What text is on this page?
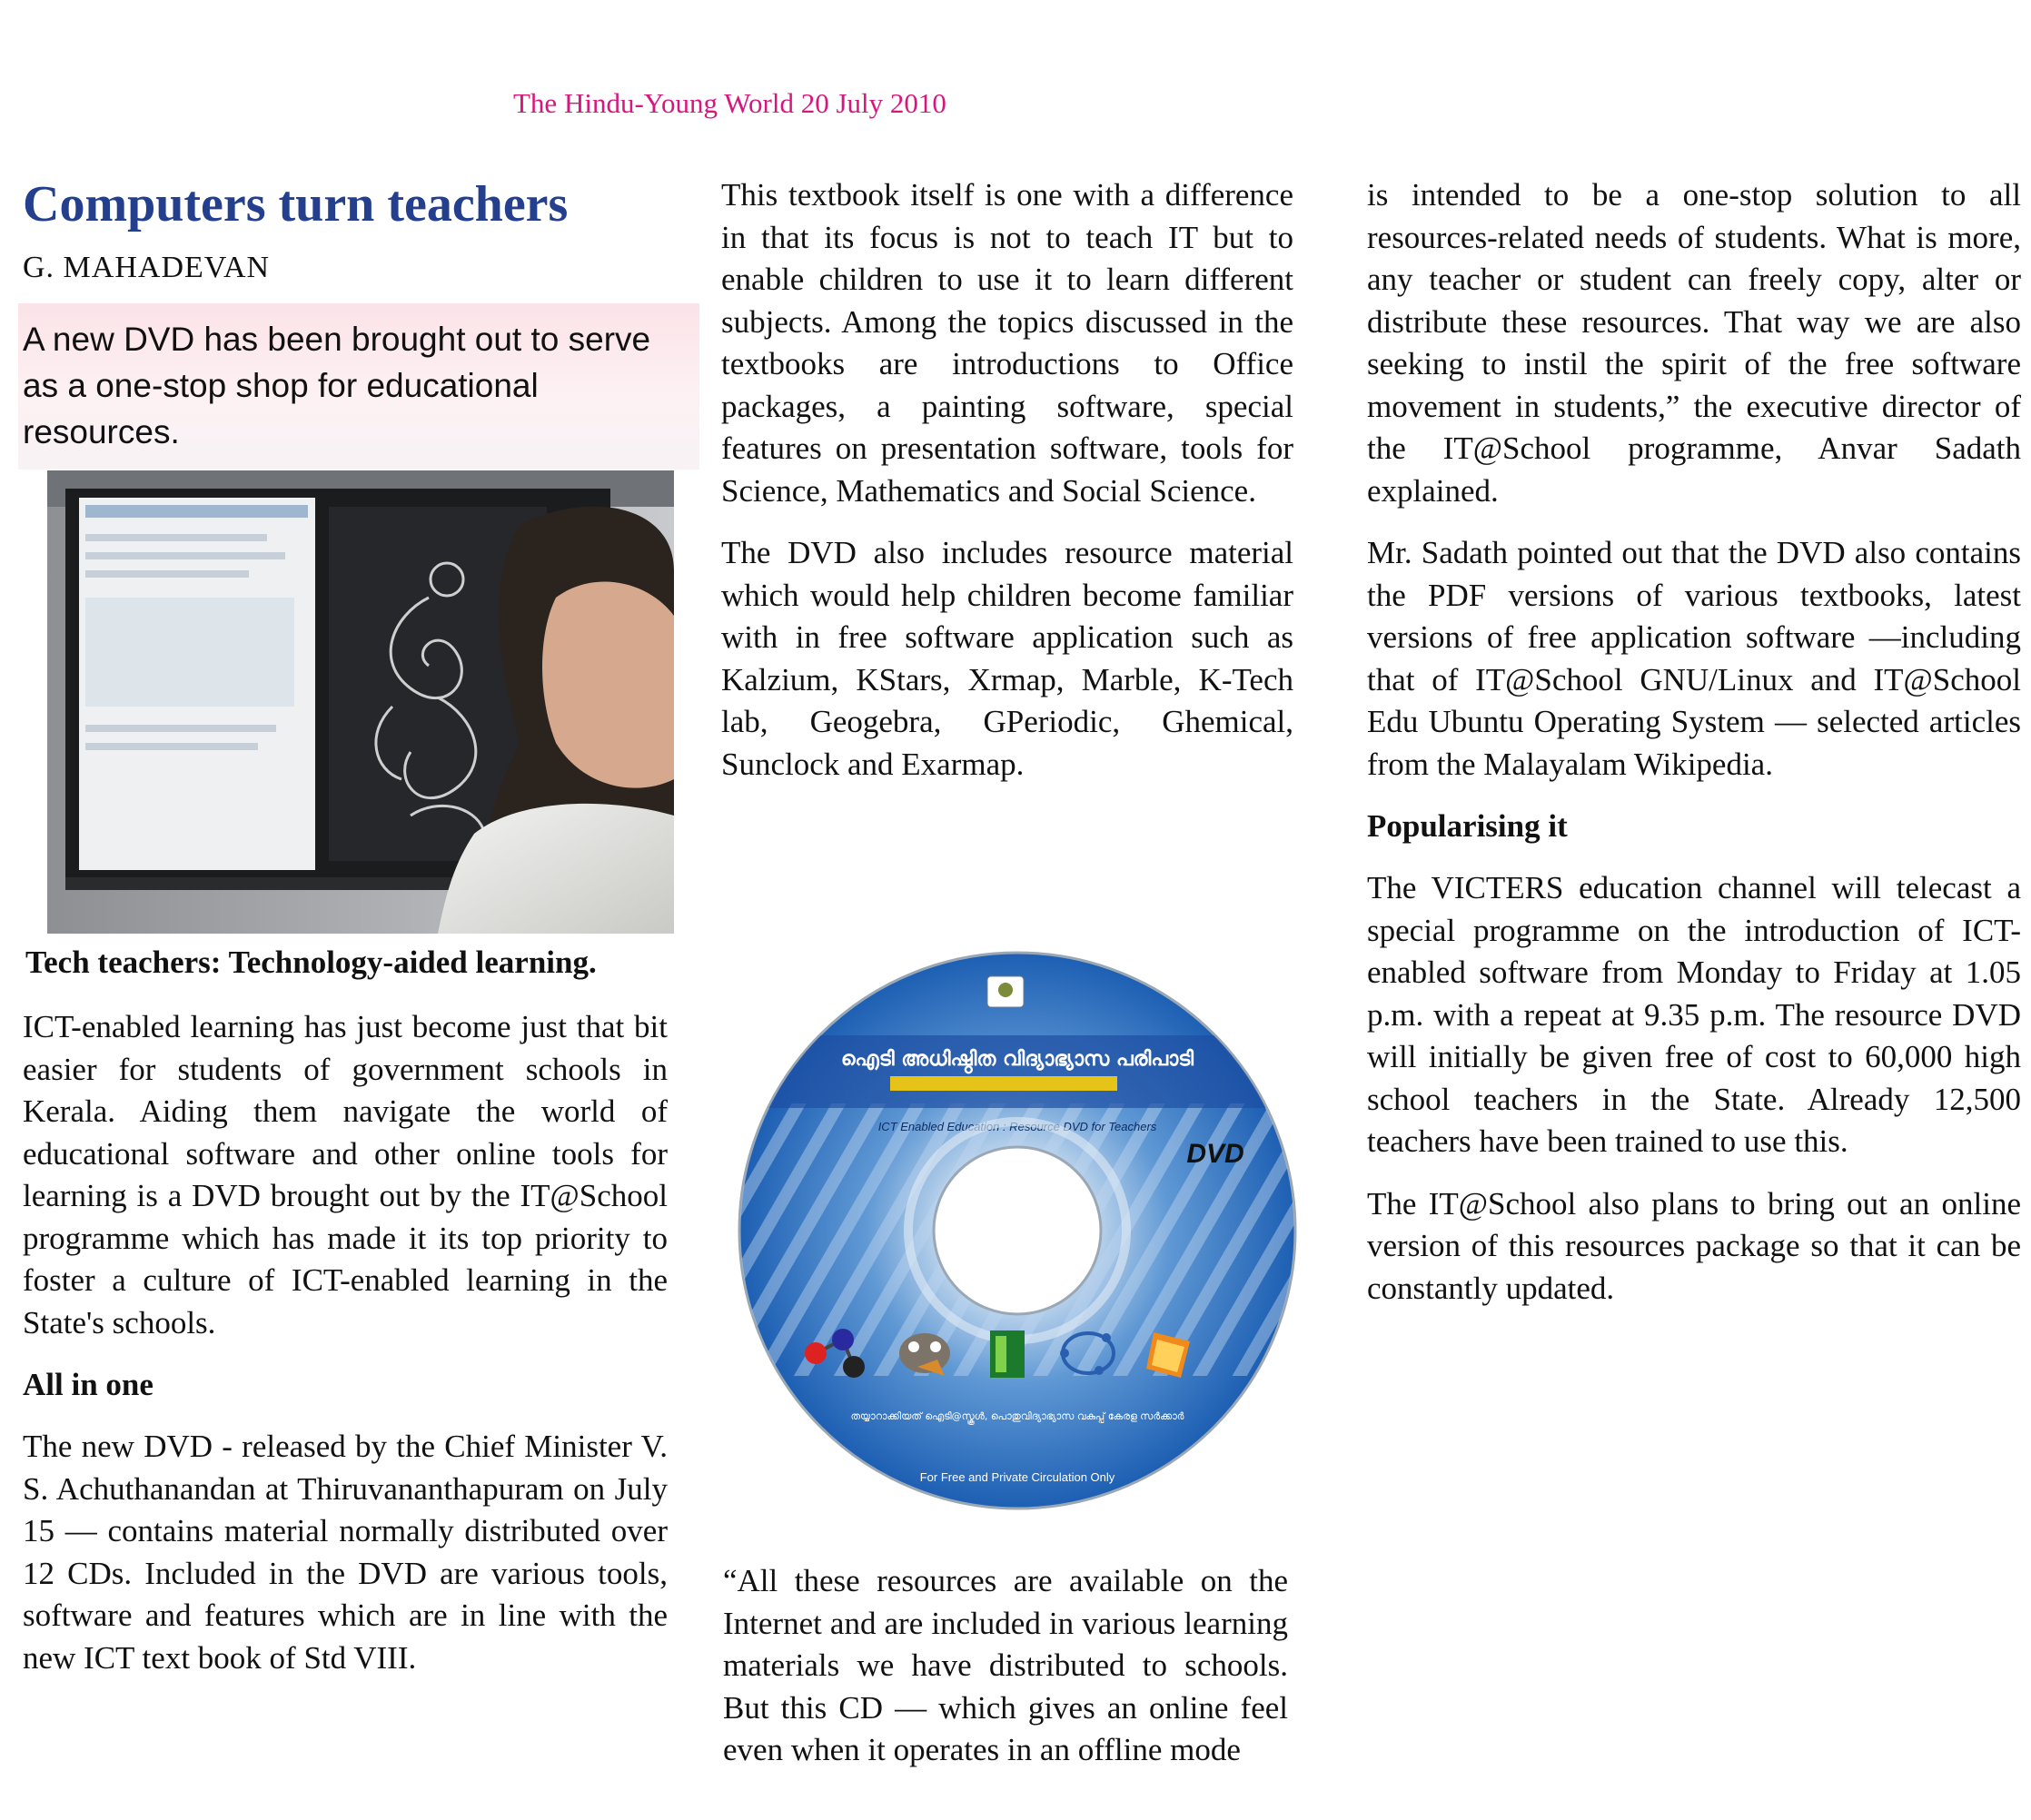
The Hindu-Young World 20 July 2010
Computers turn teachers
G. MAHADEVAN
A new DVD has been brought out to serve as a one-stop shop for educational resources.
Tech teachers: Technology-aided learning.

ICT-enabled learning has just become just that bit easier for students of government schools in Kerala. Aiding them navigate the world of educational software and other online tools for learning is a DVD brought out by the IT@School programme which has made it its top priority to foster a culture of ICT-enabled learning in the State's schools.

All in one

The new DVD - released by the Chief Minister V. S. Achuthanandan at Thiruvananthapuram on July 15 — contains material normally distributed over 12 CDs. Included in the DVD are various tools, software and features which are in line with the new ICT text book of Std VIII.

This textbook itself is one with a difference in that its focus is not to teach IT but to enable children to use it to learn different subjects. Among the topics discussed in the textbooks are introductions to Office packages, a painting software, special features on presentation software, tools for Science, Mathematics and Social Science.

The DVD also includes resource material which would help children become familiar with in free software application such as Kalzium, KStars, Xrmap, Marble, K-Tech lab, Geogebra, GPeriodic, Ghemical, Sunclock and Exarmap.

ഐടി അധിഷ്ഠിത വിദ്യാഭ്യാസ പരിപാടി
ICT Enabled Education : Resource DVD for Teachers
DVD
തയ്യാറാക്കിയത് ഐടി@സ്കൂൾ, പൊതുവിദ്യാഭ്യാസ വകുപ്പ് കേരള സർക്കാർ
For Free and Private Circulation Only

“All these resources are available on the Internet and are included in various learning materials we have distributed to schools. But this CD — which gives an online feel even when it operates in an offline mode

is intended to be a one-stop solution to all resources-related needs of students. What is more, any teacher or student can freely copy, alter or distribute these resources. That way we are also seeking to instil the spirit of the free software movement in students,” the executive director of the IT@School programme, Anvar Sadath explained.

Mr. Sadath pointed out that the DVD also contains the PDF versions of various textbooks, latest versions of free application software —including that of IT@School GNU/Linux and IT@School Edu Ubuntu Operating System — selected articles from the Malayalam Wikipedia.

Popularising it

The VICTERS education channel will telecast a special programme on the introduction of ICT-enabled software from Monday to Friday at 1.05 p.m. with a repeat at 9.35 p.m. The resource DVD will initially be given free of cost to 60,000 high school teachers in the State. Already 12,500 teachers have been trained to use this.

The IT@School also plans to bring out an online version of this resources package so that it can be constantly updated.
